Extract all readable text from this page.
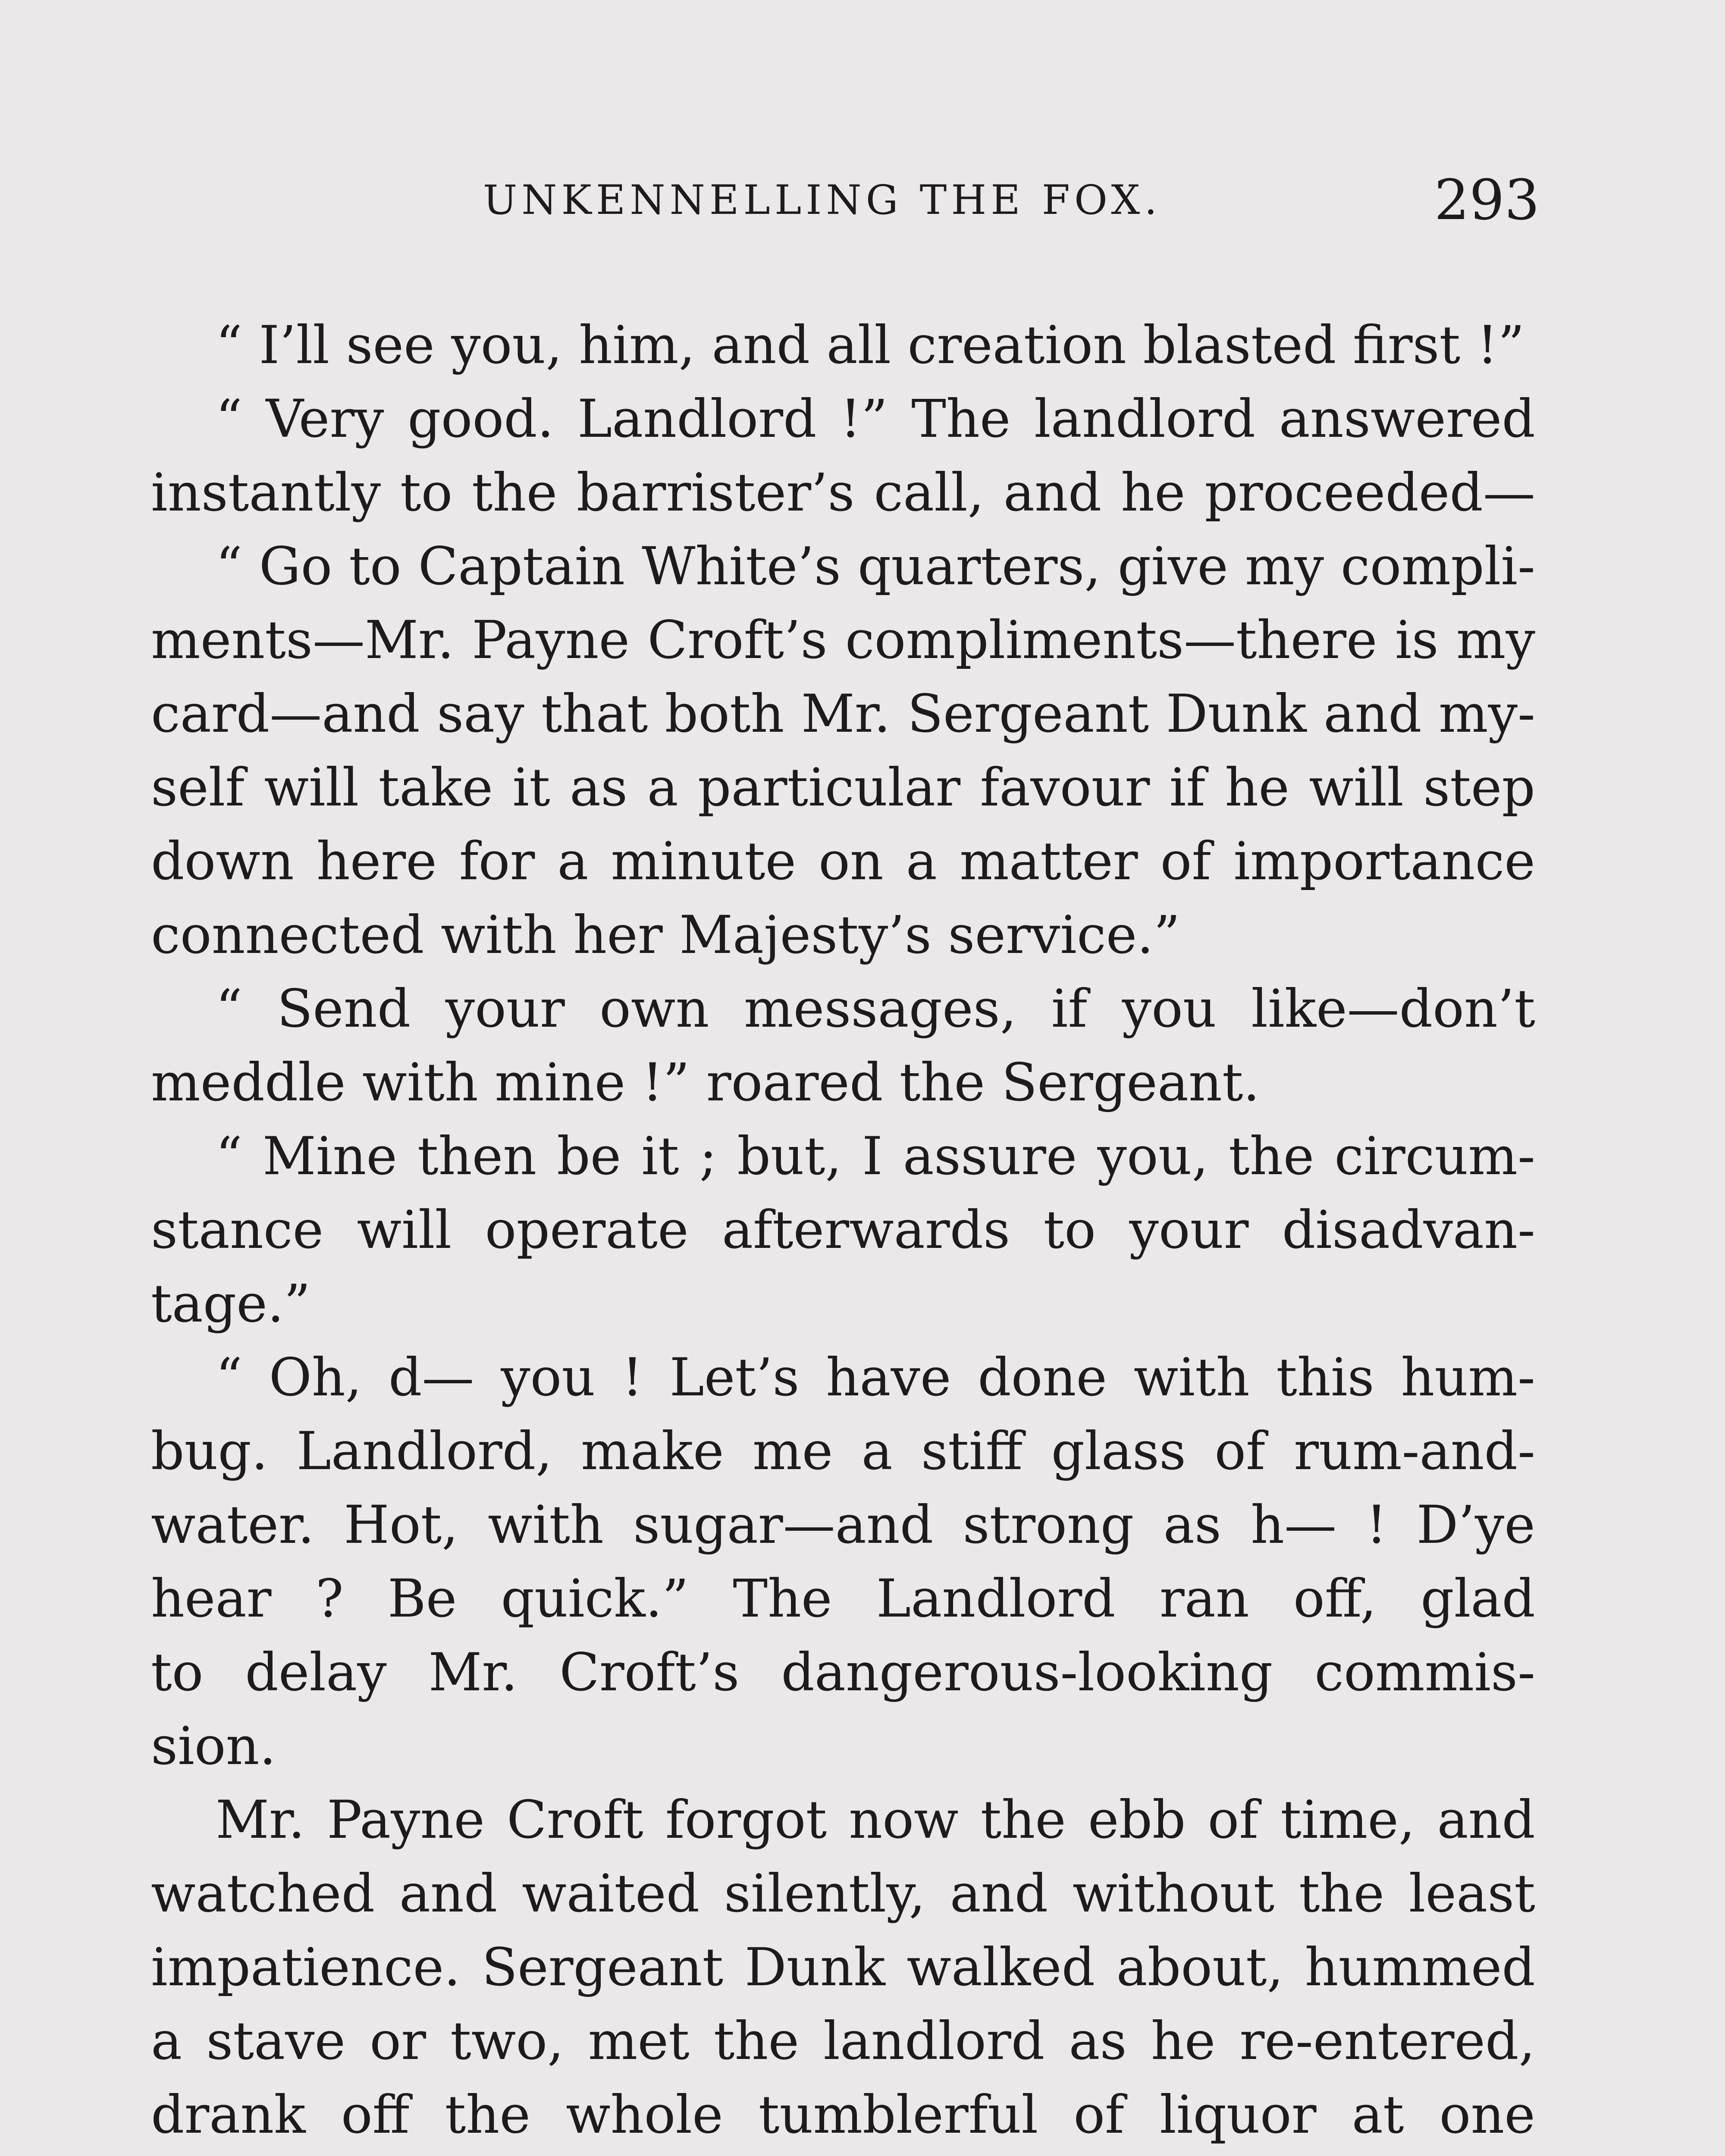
UNKENNELLING THE FOX.	293
“ I’ll see you, him, and all creation blasted first !”
“ Very good. Landlord !” The landlord answered
instantly to the barrister’s call, and he proceeded—
“ Go to Captain White’s quarters, give my compli-
ments—Mr. Payne Croft’s compliments—there is my
card—and say that both Mr. Sergeant Dunk and my-
self will take it as a particular favour if he will step
down here for a minute on a matter of importance
connected with her Majesty’s service.”
“ Send your own messages, if you like—don’t
meddle with mine !” roared the Sergeant.
“ Mine then be it ; but, I assure you, the circum-
stance will operate afterwards to your disadvan-
tage.”
“ Oh, d— you ! Let’s have done with this hum-
bug. Landlord, make me a stiff glass of rum-and-
water. Hot, with sugar—and strong as h— ! D’ye
hear ? Be quick.” The Landlord ran off, glad
to delay Mr. Croft’s dangerous-looking commis-
sion.
Mr. Payne Croft forgot now the ebb of time, and
watched and waited silently, and without the least
impatience. Sergeant Dunk walked about, hummed
a stave or two, met the landlord as he re-entered,
drank off the whole tumblerful of liquor at one
